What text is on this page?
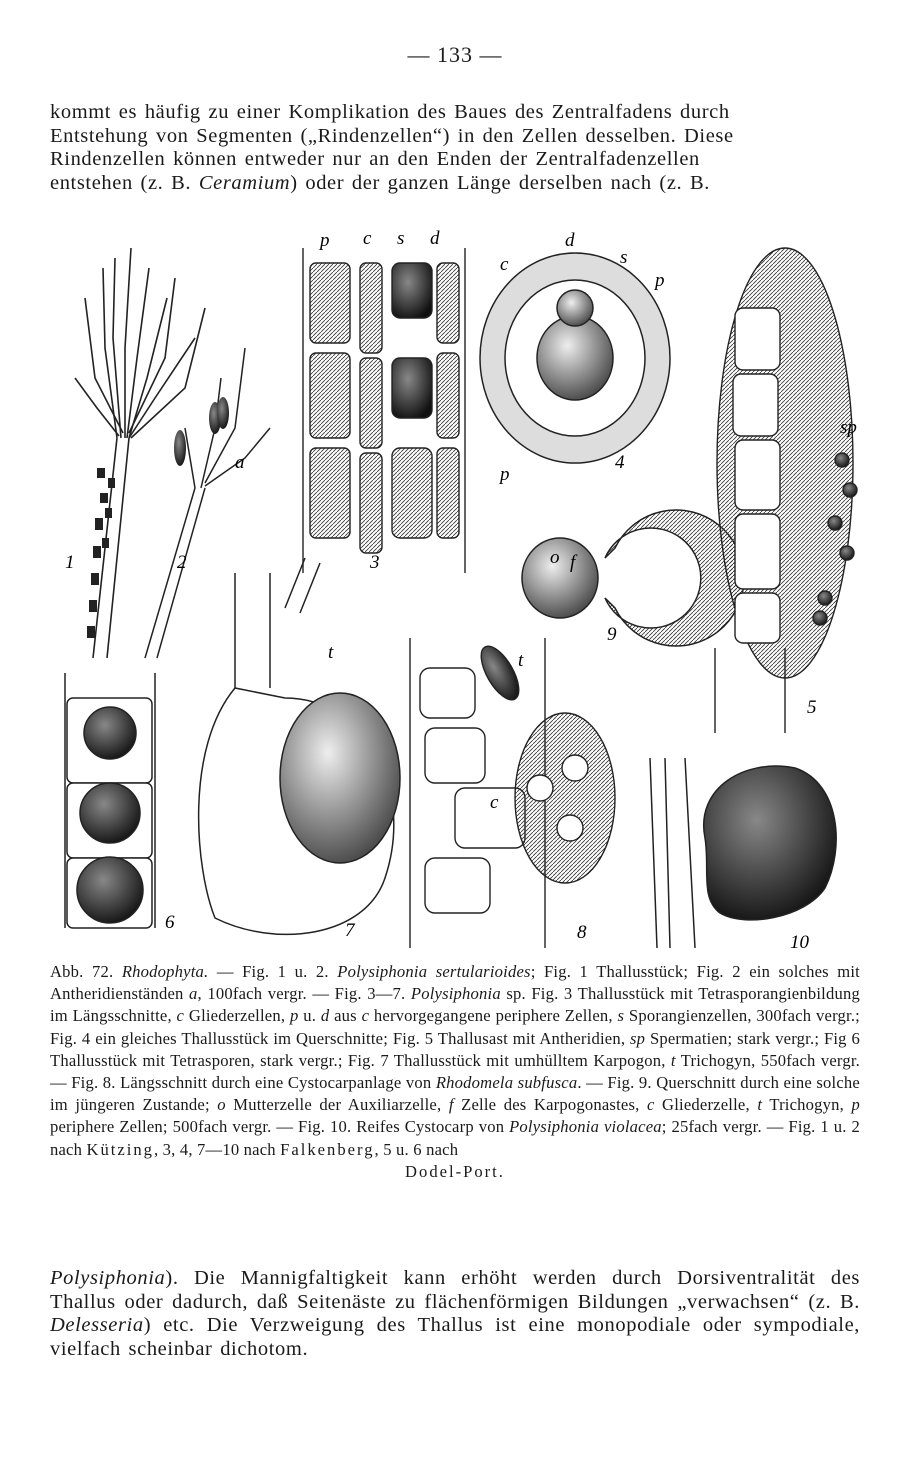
— 133 —

kommt es häufig zu einer Komplikation des Baues des Zentralfadens durch

Entstehung von Segmenten („Rindenzellen“) in den Zellen desselben. Diese

Rindenzellen können entweder nur an den Enden der Zentralfadenzellen

entstehen (z. B. Ceramium) oder der ganzen Länge derselben nach (z. B.

1	2
a
3
p c s d
c
d
s
p
4
p
o f
9
sp
5
6
t
7
t
c
8	10

Abb. 72. Rhodophyta. — Fig. 1 u. 2. Polysiphonia sertularioides; Fig. 1 Thallusstück; Fig. 2 ein solches mit Antheridienständen a, 100fach vergr. — Fig. 3—7. Polysiphonia sp. Fig. 3 Thallusstück mit Tetrasporangienbildung im Längsschnitte, c Gliederzellen, p u. d aus c hervorgegangene periphere Zellen, s Sporangienzellen, 300fach vergr.; Fig. 4 ein gleiches Thallusstück im Querschnitte; Fig. 5 Thallusast mit Antheridien, sp Spermatien; stark vergr.; Fig 6 Thallusstück mit Tetrasporen, stark vergr.; Fig. 7 Thallusstück mit umhülltem Karpogon, t Trichogyn, 550fach vergr. — Fig. 8. Längsschnitt durch eine Cystocarpanlage von Rhodomela subfusca. — Fig. 9. Querschnitt durch eine solche im jüngeren Zustande; o Mutterzelle der Auxiliarzelle, f Zelle des Karpogonastes, c Gliederzelle, t Trichogyn, p periphere Zellen; 500fach vergr. — Fig. 10. Reifes Cystocarp von Polysiphonia violacea; 25fach vergr. — Fig. 1 u. 2 nach Kützing, 3, 4, 7—10 nach Falkenberg, 5 u. 6 nach

Dodel-Port.

Polysiphonia). Die Mannigfaltigkeit kann erhöht werden durch Dorsiventralität des Thallus oder dadurch, daß Seitenäste zu flächenförmigen Bildungen „verwachsen“ (z. B. Delesseria) etc. Die Verzweigung des Thallus ist eine monopodiale oder sympodiale, vielfach scheinbar dichotom.
